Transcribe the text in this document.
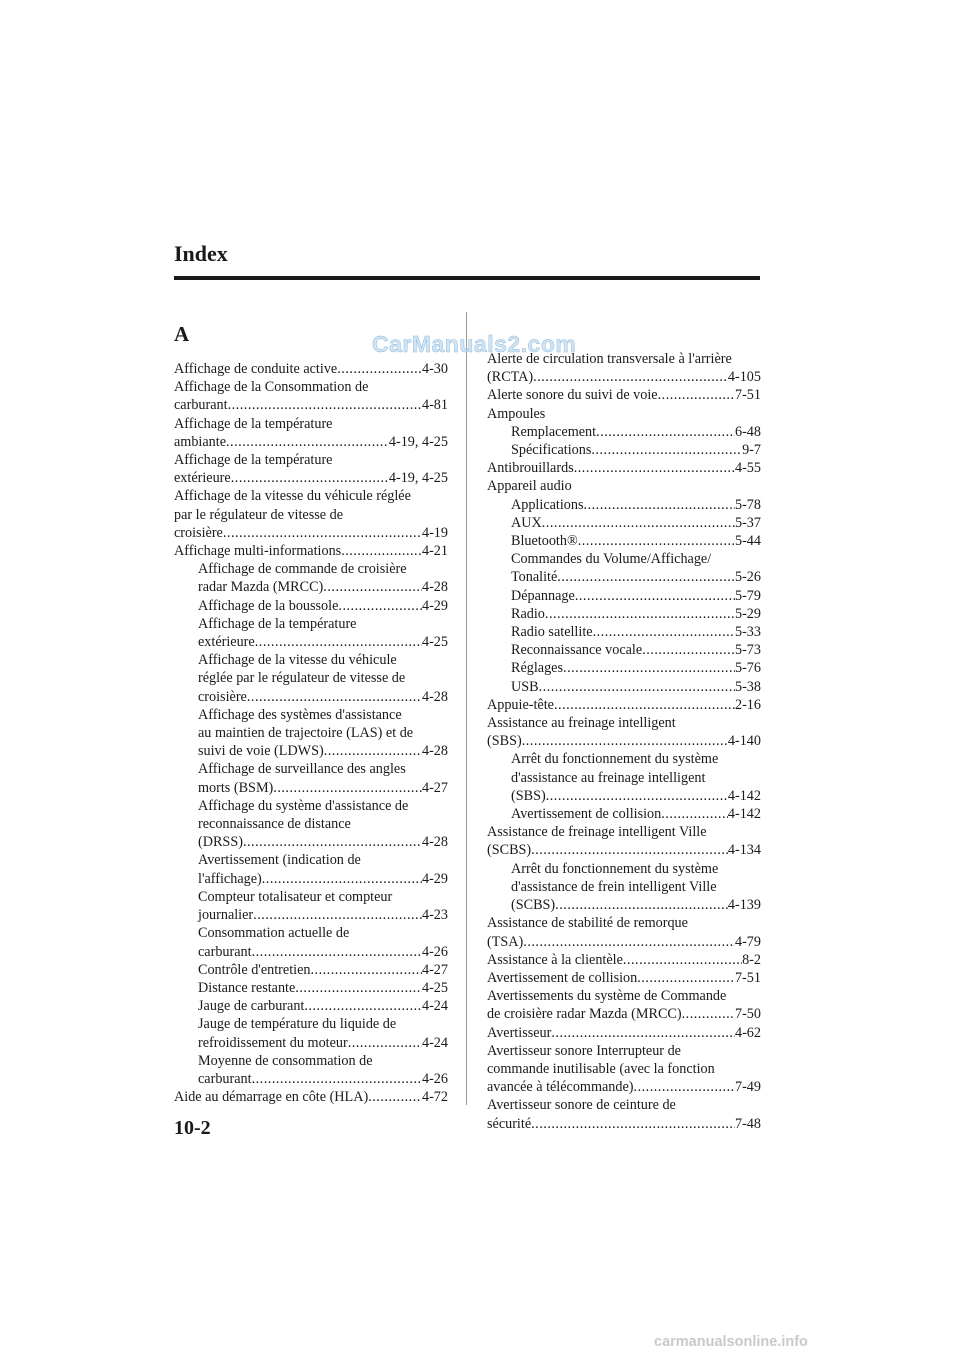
Index
A
Affichage de conduite active .....	4-30
Affichage de la Consommation de
carburant .....	4-81
Affichage de la température
ambiante .....	4-19, 4-25
Affichage de la température
extérieure .....	4-19, 4-25
Affichage de la vitesse du véhicule réglée
par le régulateur de vitesse de
croisière .....	4-19
Affichage multi-informations .....	4-21
Affichage de commande de croisière
radar Mazda (MRCC) .....	4-28
Affichage de la boussole .....	4-29
Affichage de la température
extérieure .....	4-25
Affichage de la vitesse du véhicule
réglée par le régulateur de vitesse de
croisière .....	4-28
Affichage des systèmes d'assistance
au maintien de trajectoire (LAS) et de
suivi de voie (LDWS) .....	4-28
Affichage de surveillance des angles
morts (BSM) .....	4-27
Affichage du système d'assistance de
reconnaissance de distance
(DRSS) .....	4-28
Avertissement (indication de
l'affichage) .....	4-29
Compteur totalisateur et compteur
journalier .....	4-23
Consommation actuelle de
carburant .....	4-26
Contrôle d'entretien .....	4-27
Distance restante .....	4-25
Jauge de carburant .....	4-24
Jauge de température du liquide de
refroidissement du moteur .....	4-24
Moyenne de consommation de
carburant .....	4-26
Aide au démarrage en côte (HLA) .....	4-72
Alerte de circulation transversale à l'arrière
(RCTA) .....	4-105
Alerte sonore du suivi de voie .....	7-51
Ampoules
Remplacement .....	6-48
Spécifications .....	9-7
Antibrouillards .....	4-55
Appareil audio
Applications .....	5-78
AUX .....	5-37
Bluetooth® .....	5-44
Commandes du Volume/Affichage/
Tonalité .....	5-26
Dépannage .....	5-79
Radio .....	5-29
Radio satellite .....	5-33
Reconnaissance vocale .....	5-73
Réglages .....	5-76
USB .....	5-38
Appuie-tête .....	2-16
Assistance au freinage intelligent
(SBS) .....	4-140
Arrêt du fonctionnement du système
d'assistance au freinage intelligent
(SBS) .....	4-142
Avertissement de collision .....	4-142
Assistance de freinage intelligent Ville
(SCBS) .....	4-134
Arrêt du fonctionnement du système
d'assistance de frein intelligent Ville
(SCBS) .....	4-139
Assistance de stabilité de remorque
(TSA) .....	4-79
Assistance à la clientèle .....	8-2
Avertissement de collision .....	7-51
Avertissements du système de Commande
de croisière radar Mazda (MRCC) .....	7-50
Avertisseur .....	4-62
Avertisseur sonore Interrupteur de
commande inutilisable (avec la fonction
avancée à télécommande) .....	7-49
Avertisseur sonore de ceinture de
sécurité .....	7-48
CarManuals2.com
10-2
carmanualsonline.info
